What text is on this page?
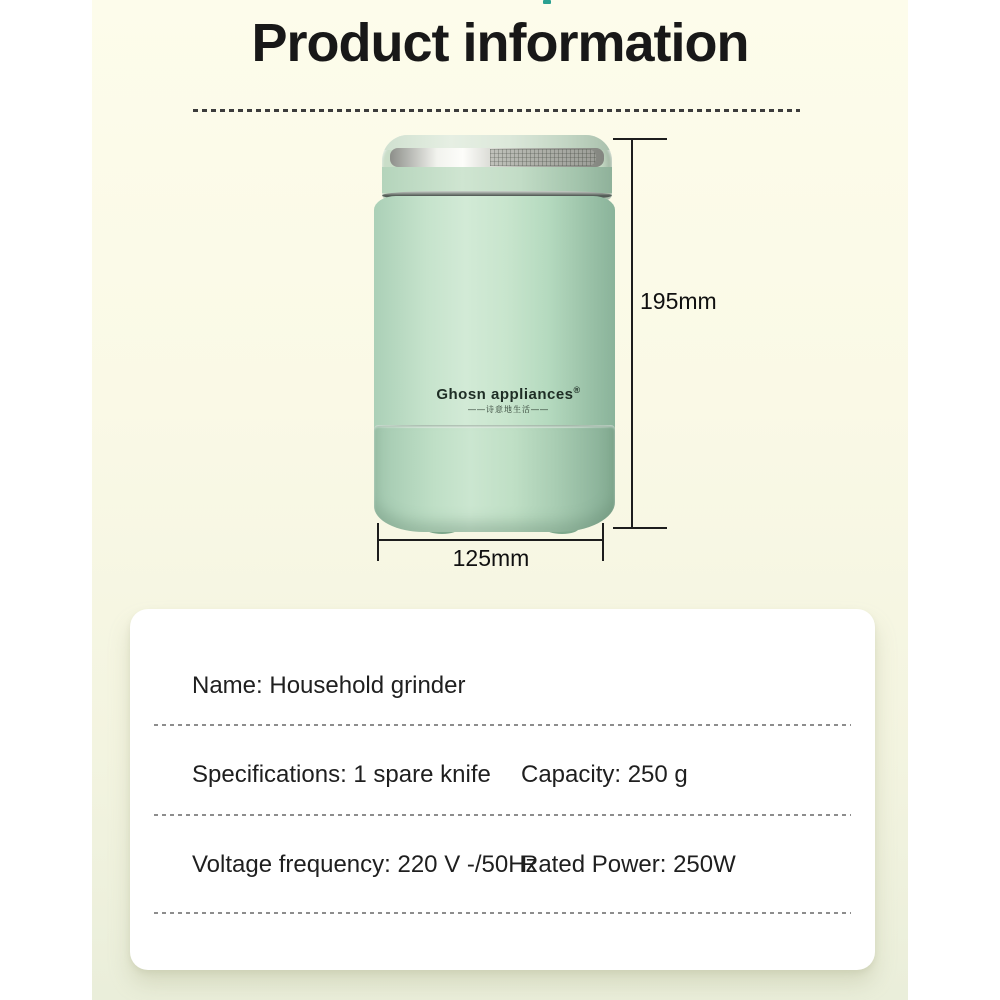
Product information
Ghosn appliances®
——诗意地生活——
195mm
125mm
Name: Household grinder
Specifications: 1 spare knife Capacity: 250 g
Voltage frequency: 220 V -/50Hz
Rated Power: 250W
